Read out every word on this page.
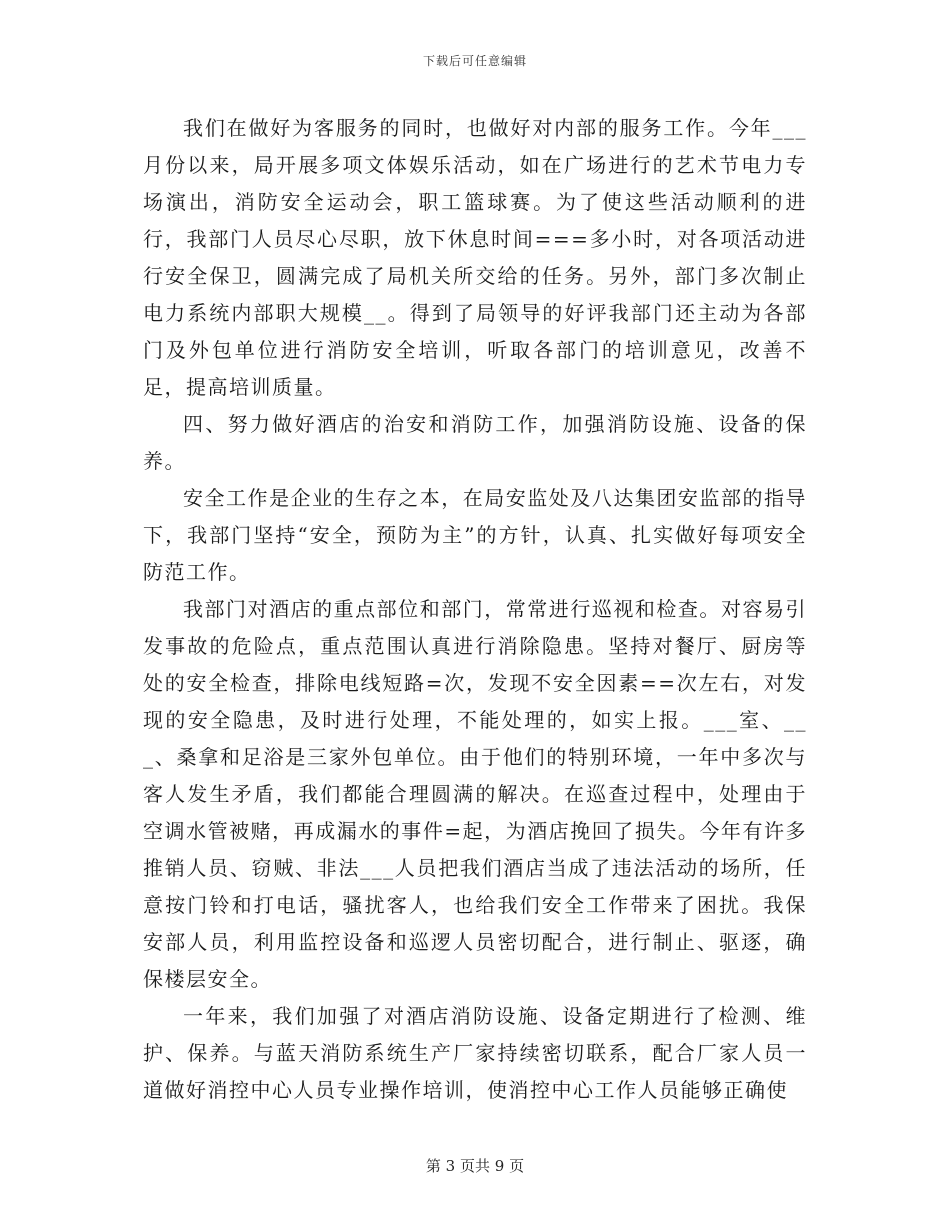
下载后可任意编辑

我们在做好为客服务的同时，也做好对内部的服务工作。今年___月份以来，局开展多项文体娱乐活动，如在广场进行的艺术节电力专场演出，消防安全运动会，职工篮球赛。为了使这些活动顺利的进行，我部门人员尽心尽职，放下休息时间===多小时，对各项活动进行安全保卫，圆满完成了局机关所交给的任务。另外，部门多次制止电力系统内部职大规模__。得到了局领导的好评我部门还主动为各部门及外包单位进行消防安全培训，听取各部门的培训意见，改善不足，提高培训质量。

四、努力做好酒店的治安和消防工作，加强消防设施、设备的保养。

安全工作是企业的生存之本，在局安监处及八达集团安监部的指导下，我部门坚持“安全，预防为主”的方针，认真、扎实做好每项安全防范工作。

我部门对酒店的重点部位和部门，常常进行巡视和检查。对容易引发事故的危险点，重点范围认真进行消除隐患。坚持对餐厅、厨房等处的安全检查，排除电线短路=次，发现不安全因素==次左右，对发现的安全隐患，及时进行处理，不能处理的，如实上报。___室、___、桑拿和足浴是三家外包单位。由于他们的特别环境，一年中多次与客人发生矛盾，我们都能合理圆满的解决。在巡查过程中，处理由于空调水管被赌，再成漏水的事件=起，为酒店挽回了损失。今年有许多推销人员、窃贼、非法___人员把我们酒店当成了违法活动的场所，任意按门铃和打电话，骚扰客人，也给我们安全工作带来了困扰。我保安部人员，利用监控设备和巡逻人员密切配合，进行制止、驱逐，确保楼层安全。

一年来，我们加强了对酒店消防设施、设备定期进行了检测、维护、保养。与蓝天消防系统生产厂家持续密切联系，配合厂家人员一道做好消控中心人员专业操作培训，使消控中心工作人员能够正确使

第 3 页共 9 页
